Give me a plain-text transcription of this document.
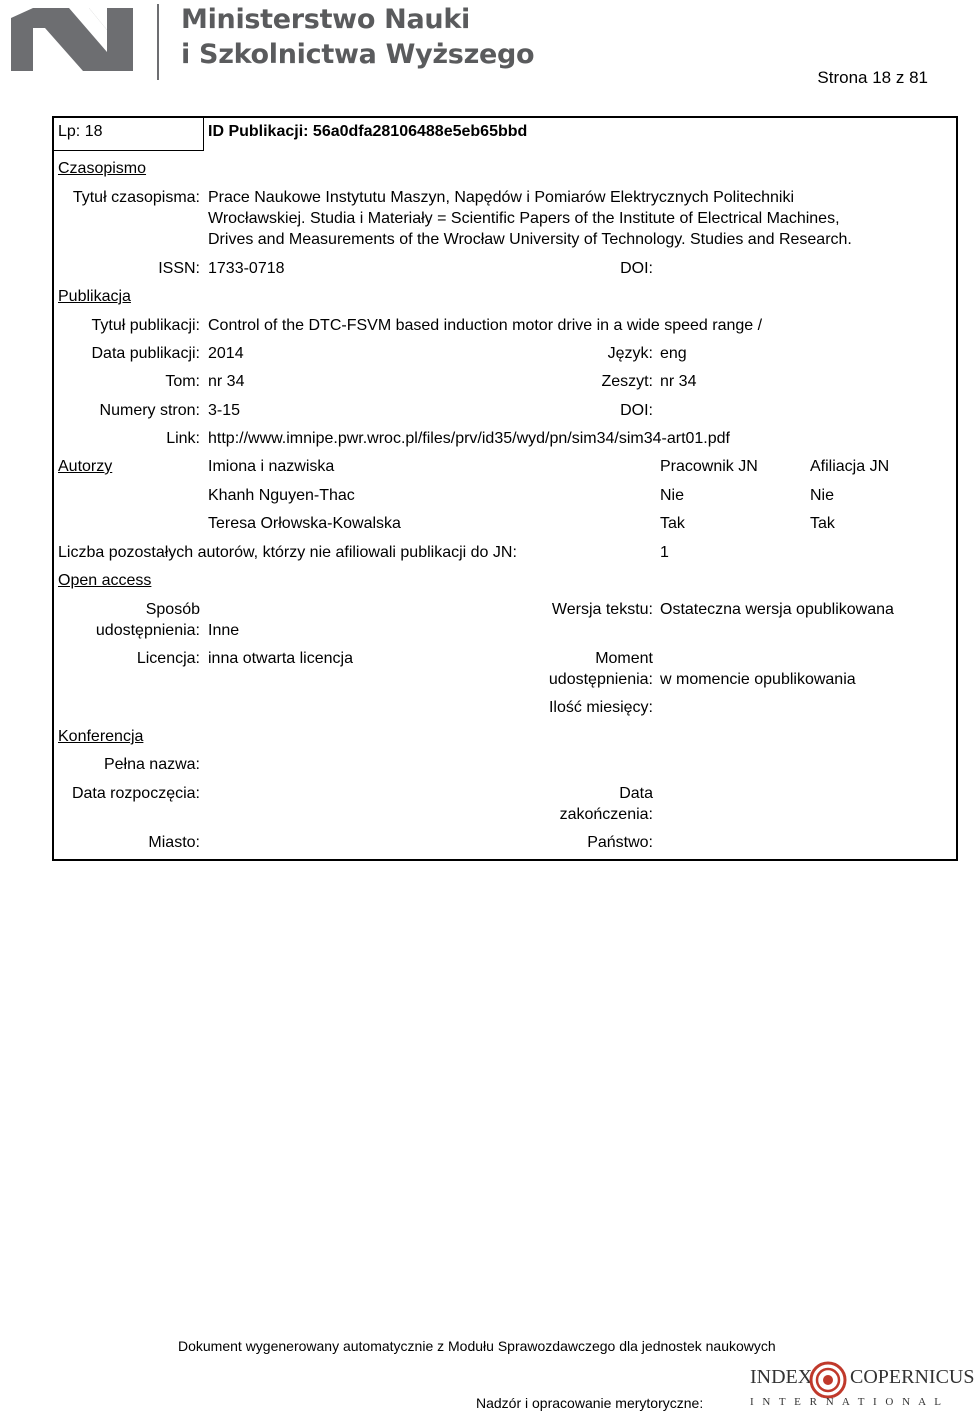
Ministerstwo Nauki
i Szkolnictwa Wyższego
Strona 18 z 81
Lp: 18	ID Publikacji: 56a0dfa28106488e5eb65bbd
Czasopismo
Tytuł czasopisma: Prace Naukowe Instytutu Maszyn, Napędów i Pomiarów Elektrycznych Politechniki
Wrocławskiej. Studia i Materiały = Scientific Papers of the Institute of Electrical Machines,
Drives and Measurements of the Wrocław University of Technology. Studies and Research.
ISSN: 1733-0718	DOI:
Publikacja
Tytuł publikacji: Control of the DTC-FSVM based induction motor drive in a wide speed range /
Data publikacji: 2014	Język: eng
Tom: nr 34	Zeszyt: nr 34
Numery stron: 3-15	DOI:
Link: http://www.imnipe.pwr.wroc.pl/files/prv/id35/wyd/pn/sim34/sim34-art01.pdf
Autorzy	Imiona i nazwiska	Pracownik JN	Afiliacja JN
Khanh Nguyen-Thac	Nie	Nie
Teresa Orłowska-Kowalska	Tak	Tak
Liczba pozostałych autorów, którzy nie afiliowali publikacji do JN:	1
Open access
Sposób
udostępnienia: Inne
Wersja tekstu: Ostateczna wersja opublikowana
Licencja: inna otwarta licencja	Moment
udostępnienia: w momencie opublikowania
Ilość miesięcy:
Konferencja
Pełna nazwa:
Data rozpoczęcia:	Data
zakończenia:
Miasto:	Państwo:
Dokument wygenerowany automatycznie z Modułu Sprawozdawczego dla jednostek naukowych
Nadzór i opracowanie merytoryczne:
INDEX COPERNICUS
I N T E R N A T I O N A L
